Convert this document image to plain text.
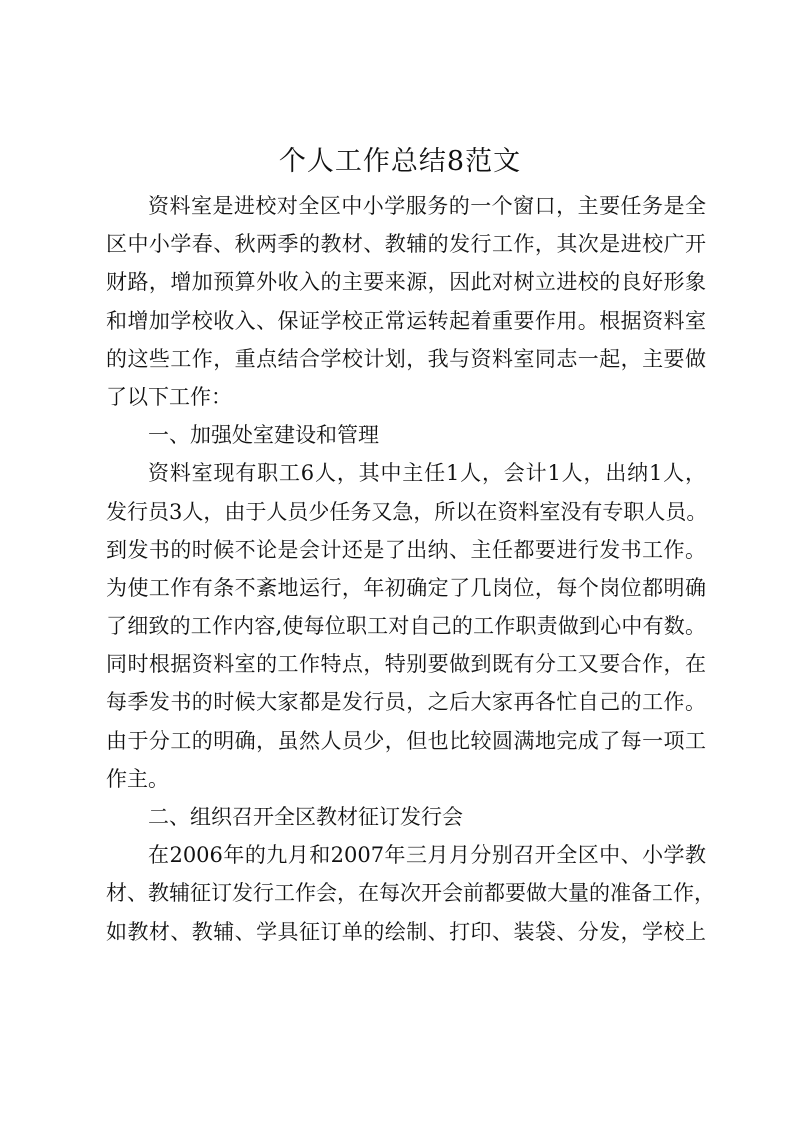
个人工作总结8范文
资料室是进校对全区中小学服务的一个窗口，主要任务是全
区中小学春、秋两季的教材、教辅的发行工作，其次是进校广开
财路，增加预算外收入的主要来源，因此对树立进校的良好形象
和增加学校收入、保证学校正常运转起着重要作用。根据资料室
的这些工作，重点结合学校计划，我与资料室同志一起，主要做
了以下工作：
一、加强处室建设和管理
资料室现有职工6人，其中主任1人，会计1人，出纳1人，
发行员3人，由于人员少任务又急，所以在资料室没有专职人员。
到发书的时候不论是会计还是了出纳、主任都要进行发书工作。
为使工作有条不紊地运行，年初确定了几岗位，每个岗位都明确
了细致的工作内容,使每位职工对自己的工作职责做到心中有数。
同时根据资料室的工作特点，特别要做到既有分工又要合作，在
每季发书的时候大家都是发行员，之后大家再各忙自己的工作。
由于分工的明确，虽然人员少，但也比较圆满地完成了每一项工
作主。
二、组织召开全区教材征订发行会
在2006年的九月和2007年三月月分别召开全区中、小学教
材、教辅征订发行工作会，在每次开会前都要做大量的准备工作，
如教材、教辅、学具征订单的绘制、打印、装袋、分发，学校上
